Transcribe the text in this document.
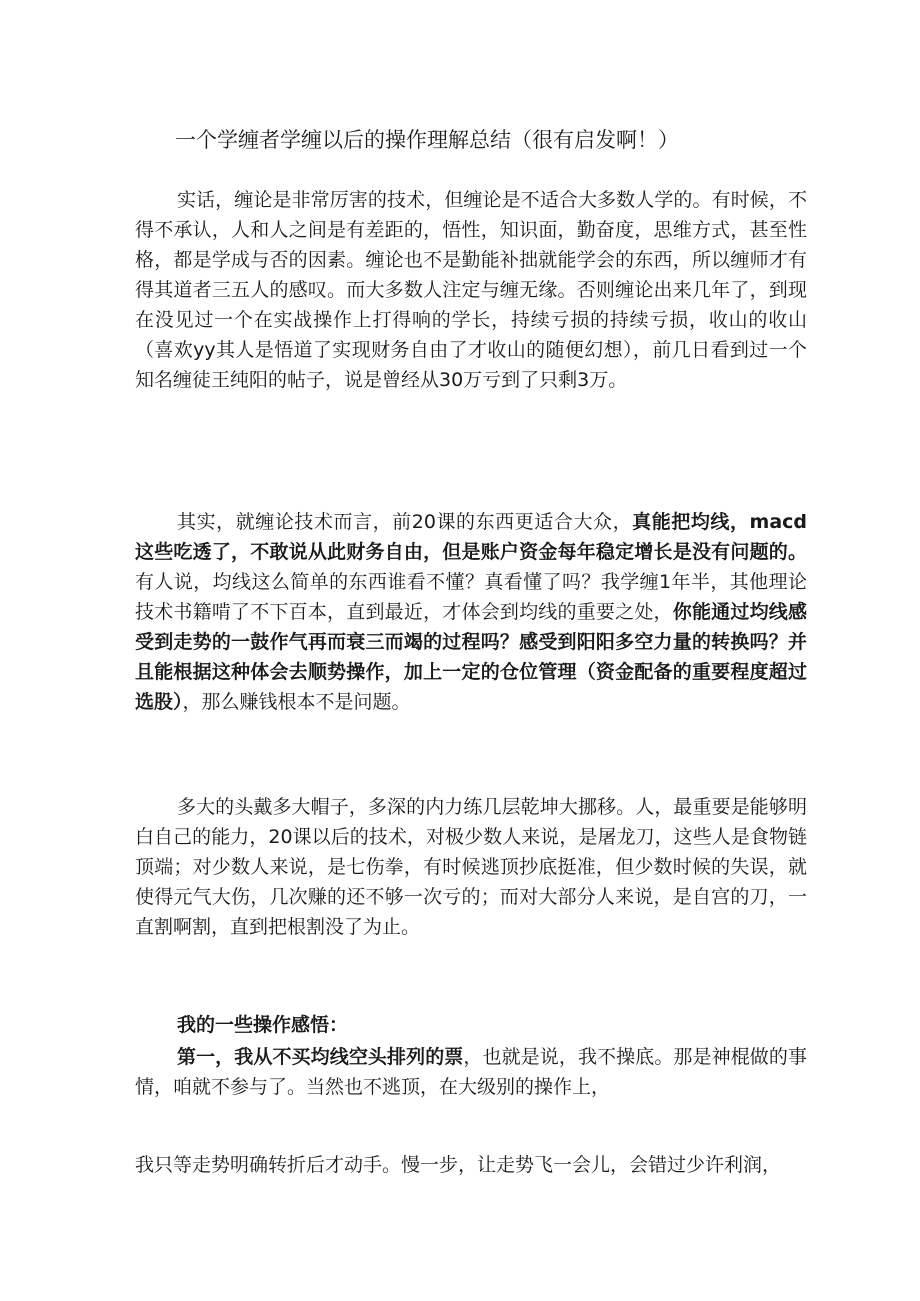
一个学缠者学缠以后的操作理解总结（很有启发啊！）
实话，缠论是非常厉害的技术，但缠论是不适合大多数人学的。有时候，不得不承认，人和人之间是有差距的，悟性，知识面，勤奋度，思维方式，甚至性格，都是学成与否的因素。缠论也不是勤能补拙就能学会的东西，所以缠师才有得其道者三五人的感叹。而大多数人注定与缠无缘。否则缠论出来几年了，到现在没见过一个在实战操作上打得响的学长，持续亏损的持续亏损，收山的收山（喜欢yy其人是悟道了实现财务自由了才收山的随便幻想），前几日看到过一个知名缠徒王纯阳的帖子，说是曾经从30万亏到了只剩3万。
其实，就缠论技术而言，前20课的东西更适合大众，真能把均线，macd这些吃透了，不敢说从此财务自由，但是账户资金每年稳定增长是没有问题的。有人说，均线这么简单的东西谁看不懂？真看懂了吗？我学缠1年半，其他理论技术书籍啃了不下百本，直到最近，才体会到均线的重要之处，你能通过均线感受到走势的一鼓作气再而衰三而竭的过程吗？感受到阳阳多空力量的转换吗？并且能根据这种体会去顺势操作，加上一定的仓位管理（资金配备的重要程度超过选股），那么赚钱根本不是问题。
多大的头戴多大帽子，多深的内力练几层乾坤大挪移。人，最重要是能够明白自己的能力，20课以后的技术，对极少数人来说，是屠龙刀，这些人是食物链顶端；对少数人来说，是七伤拳，有时候逃顶抄底挺准，但少数时候的失误，就使得元气大伤，几次赚的还不够一次亏的；而对大部分人来说，是自宫的刀，一直割啊割，直到把根割没了为止。
我的一些操作感悟：
第一，我从不买均线空头排列的票，也就是说，我不操底。那是神棍做的事情，咱就不参与了。当然也不逃顶，在大级别的操作上，
我只等走势明确转折后才动手。慢一步，让走势飞一会儿，会错过少许利润，
